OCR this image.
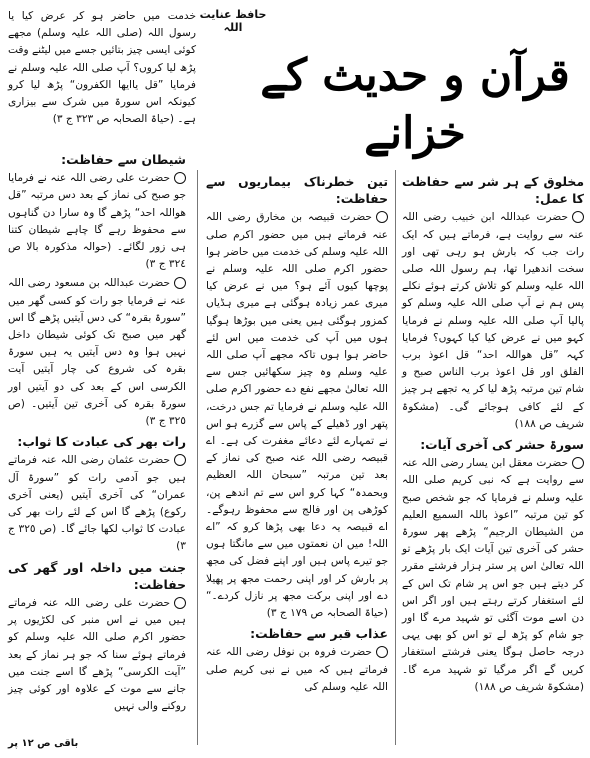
حافظ عنایت اللہ
قرآن و حدیث کے خزانے

خدمت میں حاضر ہو کر عرض کیا یا رسول اللہ (صلی اللہ علیہ وسلم) مجھے کوئی ایسی چیز بتائیں جسے میں لیٹنے وقت پڑھ لیا کروں؟ آپ صلی اللہ علیہ وسلم نے فرمایا ”قل یاایھا الکفرون“ پڑھ لیا کرو کیونکہ اس سورۃ میں شرک سے بیزاری ہے۔ (حیاۃ الصحابہ ص ٣٢٣ ج ٣)

شیطان سے حفاظت:

حضرت علی رضی اللہ عنہ نے فرمایا جو صبح کی نماز کے بعد دس مرتبہ ”قل ھواللہ احد“ پڑھے گا وہ سارا دن گناہوں سے محفوظ رہے گا چاہے شیطان کتنا ہی زور لگائے۔ (حوالہ مذکورہ بالا ص ٣٢٤ ج ٣)

حضرت عبداللہ بن مسعود رضی اللہ عنہ نے فرمایا جو رات کو کسی گھر میں ”سورۃ بقرہ“ کی دس آیتیں پڑھے گا اس گھر میں صبح تک کوئی شیطان داخل نہیں ہوا وہ دس آیتیں یہ ہیں سورۃ بقرہ کی شروع کی چار آیتیں آیت الکرسی اس کے بعد کی دو آیتیں اور سورۃ بقرہ کی آخری تین آیتیں۔ (ص ٣٢٥ ج ٣)

رات بھر کی عبادت کا ثواب:

حضرت عثمان رضی اللہ عنہ فرماتے ہیں جو آدمی رات کو ”سورۃ آل عمران“ کی آخری آیتیں (یعنی آخری رکوع) پڑھے گا اس کے لئے رات بھر کی عبادت کا ثواب لکھا جائے گا۔ (ص ٣٢٥ ج ٣)

جنت میں داخلہ اور گھر کی حفاظت:

حضرت علی رضی اللہ عنہ فرماتے ہیں میں نے اس منبر کی لکڑیوں پر حضور اکرم صلی اللہ علیہ وسلم کو فرماتے ہوئے سنا کہ جو ہر نماز کے بعد ”آیت الکرسی“ پڑھے گا اسے جنت میں جانے سے موت کے علاوہ اور کوئی چیز روکنے والی نہیں

تین خطرناک بیماریوں سے حفاظت:

حضرت قبیصہ بن مخارق رضی اللہ عنہ فرماتے ہیں میں حضور اکرم صلی اللہ علیہ وسلم کی خدمت میں حاضر ہوا حضور اکرم صلی اللہ علیہ وسلم نے پوچھا کیوں آئے ہو؟ میں نے عرض کیا میری عمر زیادہ ہوگئی ہے میری ہڈیاں کمزور ہوگئی ہیں یعنی میں بوڑھا ہوگیا ہوں میں آپ کی خدمت میں اس لئے حاضر ہوا ہوں تاکہ مجھے آپ صلی اللہ علیہ وسلم وہ چیز سکھائیں جس سے اللہ تعالیٰ مجھے نفع دے حضور اکرم صلی اللہ علیہ وسلم نے فرمایا تم جس درخت، پتھر اور ڈھیلے کے پاس سے گزرے ہو اس نے تمہارے لئے دعائے مغفرت کی ہے۔ اے قبیصہ رضی اللہ عنہ صبح کی نماز کے بعد تین مرتبہ ”سبحان اللہ العظیم وبحمدہ“ کہا کرو اس سے تم اندھے پن، کوڑھی پن اور فالج سے محفوظ رہوگے۔ اے قبیصہ یہ دعا بھی پڑھا کرو کہ ”اے اللہ! میں ان نعمتوں میں سے مانگتا ہوں جو تیرے پاس ہیں اور اپنے فضل کی مجھ پر بارش کر اور اپنی رحمت مجھ پر پھیلا دے اور اپنی برکت مجھ پر نازل کردے۔“ (حیاۃ الصحابہ ص ١٧٩ ج ٣)

عذاب قبر سے حفاظت:

حضرت فروہ بن نوفل رضی اللہ عنہ فرماتے ہیں کہ میں نے نبی کریم صلی اللہ علیہ وسلم کی

مخلوق کے ہر شر سے حفاظت کا عمل:

حضرت عبداللہ ابن خبیب رضی اللہ عنہ سے روایت ہے، فرماتے ہیں کہ ایک رات جب کہ بارش ہو رہی تھی اور سخت اندھیرا تھا، ہم رسول اللہ صلی اللہ علیہ وسلم کو تلاش کرتے ہوئے نکلے پس ہم نے آپ صلی اللہ علیہ وسلم کو پالیا آپ صلی اللہ علیہ وسلم نے فرمایا کہو میں نے عرض کیا کیا کہوں؟ فرمایا کہہ ”قل ھواللہ احد“ قل اعوذ برب الفلق اور قل اعوذ برب الناس صبح و شام تین مرتبہ پڑھ لیا کر یہ تجھے ہر چیز کے لئے کافی ہوجائے گی۔ (مشکوۃ شریف ص ١٨٨)

سورۃ حشر کی آخری آیات:

حضرت معقل ابن یسار رضی اللہ عنہ سے روایت ہے کہ نبی کریم صلی اللہ علیہ وسلم نے فرمایا کہ جو شخص صبح کو تین مرتبہ ”اعوذ باللہ السمیع العلیم من الشیطان الرجیم“ پڑھے پھر سورۃ حشر کی آخری تین آیات ایک بار پڑھے تو اللہ تعالیٰ اس پر ستر ہزار فرشتے مقرر کر دیتے ہیں جو اس پر شام تک اس کے لئے استغفار کرتے رہتے ہیں اور اگر اس دن اسے موت آگئی تو شہید مرے گا اور جو شام کو پڑھ لے تو اس کو بھی یہی درجہ حاصل ہوگا یعنی فرشتے استغفار کریں گے اگر مرگیا تو شہید مرے گا۔ (مشکوۃ شریف ص ١٨٨)

باقی ص ١٢ پر
